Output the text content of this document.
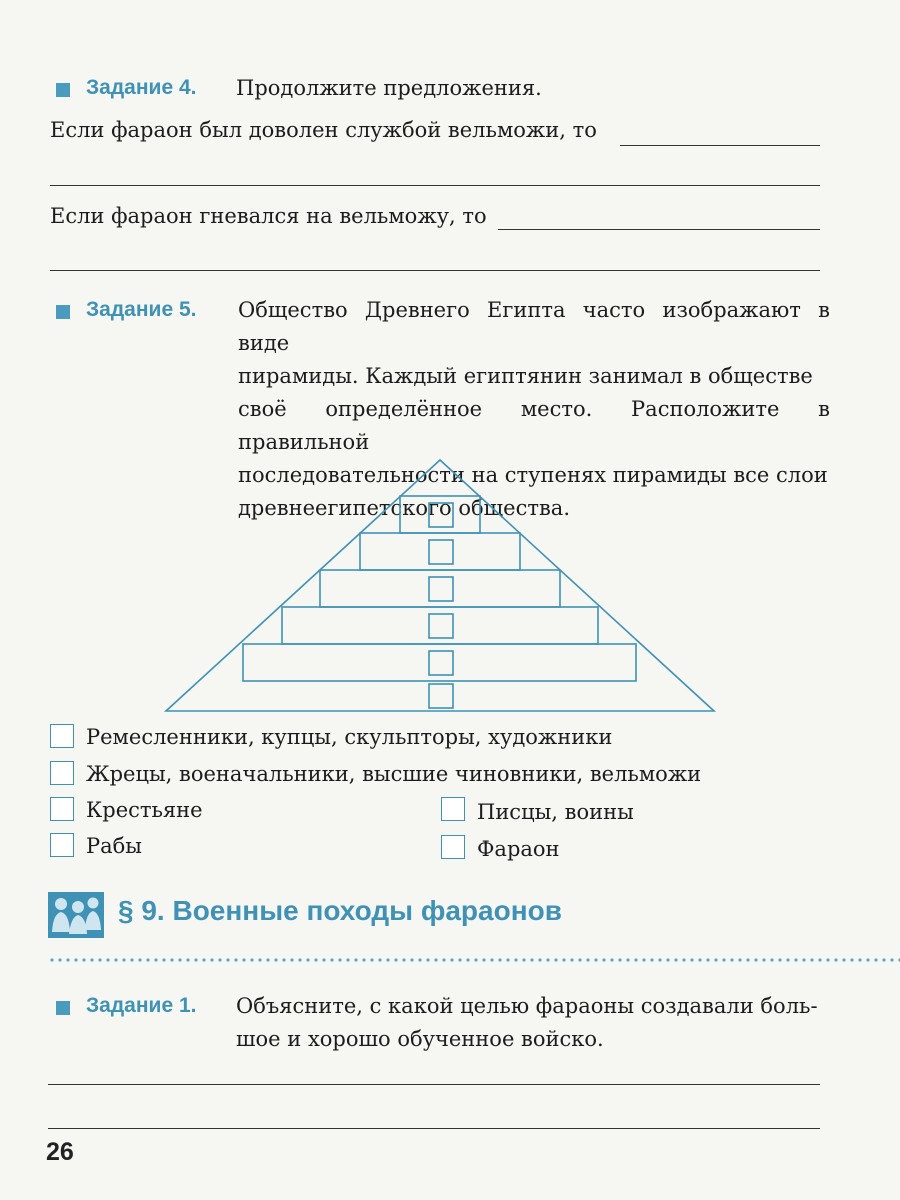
Задание 4. Продолжите предложения.
Если фараон был доволен службой вельможи, то
Если фараон гневался на вельможу, то
Задание 5. Общество Древнего Египта часто изображают в виде
пирамиды. Каждый египтянин занимал в обществе
своё определённое место. Расположите в правильной
последовательности на ступенях пирамиды все слои
древнеегипетского общества.
Ремесленники, купцы, скульпторы, художники
Жрецы, военачальники, высшие чиновники, вельможи
Крестьяне	Писцы, воины
Рабы	Фараон
§ 9. Военные походы фараонов
Задание 1. Объясните, с какой целью фараоны создавали боль-
шое и хорошо обученное войско.
26
